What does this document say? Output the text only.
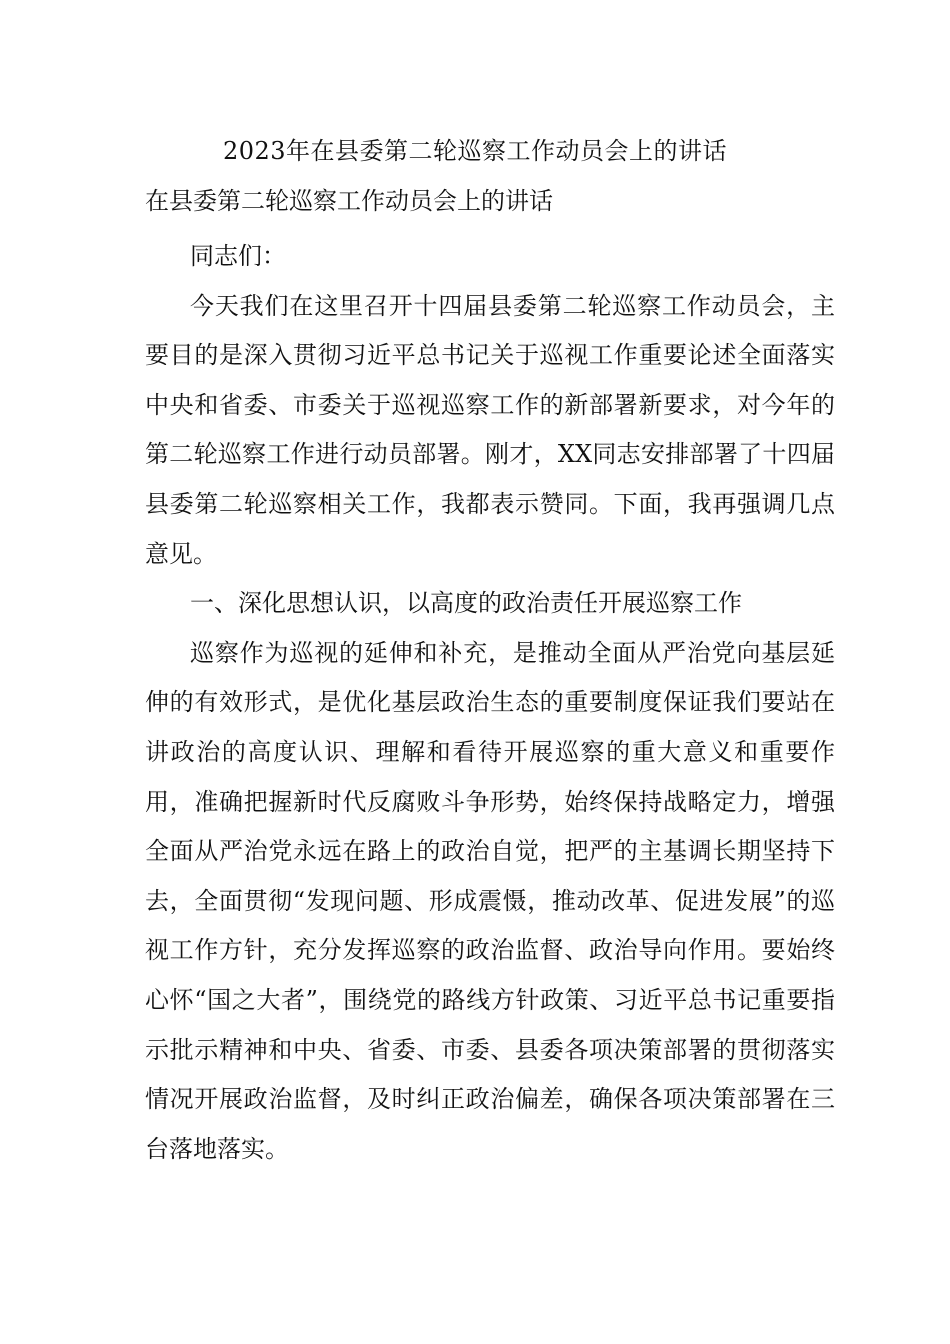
2023年在县委第二轮巡察工作动员会上的讲话
在县委第二轮巡察工作动员会上的讲话

同志们：

今天我们在这里召开十四届县委第二轮巡察工作动员会，主要目的是深入贯彻习近平总书记关于巡视工作重要论述全面落实中央和省委、市委关于巡视巡察工作的新部署新要求，对今年的第二轮巡察工作进行动员部署。刚才，XX同志安排部署了十四届县委第二轮巡察相关工作，我都表示赞同。下面，我再强调几点意见。

一、深化思想认识，以高度的政治责任开展巡察工作

巡察作为巡视的延伸和补充，是推动全面从严治党向基层延伸的有效形式，是优化基层政治生态的重要制度保证我们要站在讲政治的高度认识、理解和看待开展巡察的重大意义和重要作用，准确把握新时代反腐败斗争形势，始终保持战略定力，增强全面从严治党永远在路上的政治自觉，把严的主基调长期坚持下去，全面贯彻“发现问题、形成震慑，推动改革、促进发展”的巡视工作方针，充分发挥巡察的政治监督、政治导向作用。要始终心怀“国之大者”，围绕党的路线方针政策、习近平总书记重要指示批示精神和中央、省委、市委、县委各项决策部署的贯彻落实情况开展政治监督，及时纠正政治偏差，确保各项决策部署在三台落地落实。
